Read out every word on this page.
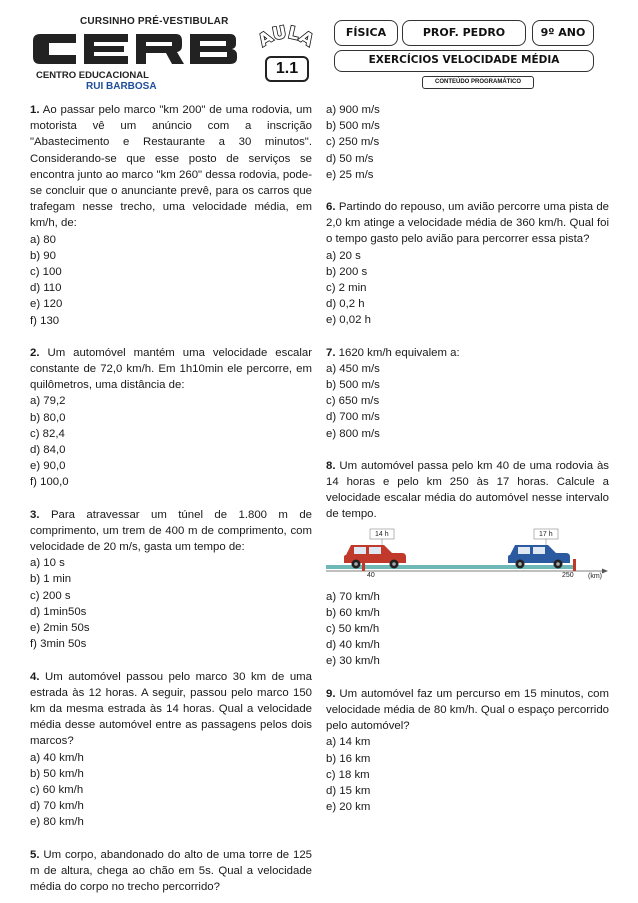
CURSINHO PRÉ-VESTIBULAR
CENTRO EDUCACIONAL
RUI BARBOSA
AULA
1.1
FÍSICA	PROF. PEDRO	9º ANO
EXERCÍCIOS VELOCIDADE MÉDIA
CONTEÚDO PROGRAMÁTICO

1. Ao passar pelo marco "km 200" de uma rodovia, um motorista vê um anúncio com a inscrição "Abastecimento e Restaurante a 30 minutos". Considerando-se que esse posto de serviços se encontra junto ao marco "km 260" dessa rodovia, pode-se concluir que o anunciante prevê, para os carros que trafegam nesse trecho, uma velocidade média, em km/h, de:

a) 80
b) 90
c) 100
d) 110
e) 120
f) 130

2. Um automóvel mantém uma velocidade escalar constante de 72,0 km/h. Em 1h10min ele percorre, em quilômetros, uma distância de:

a) 79,2
b) 80,0
c) 82,4
d) 84,0
e) 90,0
f) 100,0

3. Para atravessar um túnel de 1.800 m de comprimento, um trem de 400 m de comprimento, com velocidade de 20 m/s, gasta um tempo de:

a) 10 s
b) 1 min
c) 200 s
d) 1min50s
e) 2min 50s
f) 3min 50s

4. Um automóvel passou pelo marco 30 km de uma estrada às 12 horas. A seguir, passou pelo marco 150 km da mesma estrada às 14 horas. Qual a velocidade média desse automóvel entre as passagens pelos dois marcos?

a) 40 km/h
b) 50 km/h
c) 60 km/h
d) 70 km/h
e) 80 km/h

5. Um corpo, abandonado do alto de uma torre de 125 m de altura, chega ao chão em 5s. Qual a velocidade média do corpo no trecho percorrido?

a) 900 m/s
b) 500 m/s
c) 250 m/s
d) 50 m/s
e) 25 m/s

6. Partindo do repouso, um avião percorre uma pista de 2,0 km atinge a velocidade média de 360 km/h. Qual foi o tempo gasto pelo avião para percorrer essa pista?

a) 20 s
b) 200 s
c) 2 min
d) 0,2 h
e) 0,02 h

7. 1620 km/h equivalem a:

a) 450 m/s
b) 500 m/s
c) 650 m/s
d) 700 m/s
e) 800 m/s

8. Um automóvel passa pelo km 40 de uma rodovia às 14 horas e pelo km 250 às 17 horas. Calcule a velocidade escalar média do automóvel nesse intervalo de tempo.

14 h	17 h
40	250 (km)
a) 70 km/h
b) 60 km/h
c) 50 km/h
d) 40 km/h
e) 30 km/h

9. Um automóvel faz um percurso em 15 minutos, com velocidade média de 80 km/h. Qual o espaço percorrido pelo automóvel?

a) 14 km
b) 16 km
c) 18 km
d) 15 km
e) 20 km
